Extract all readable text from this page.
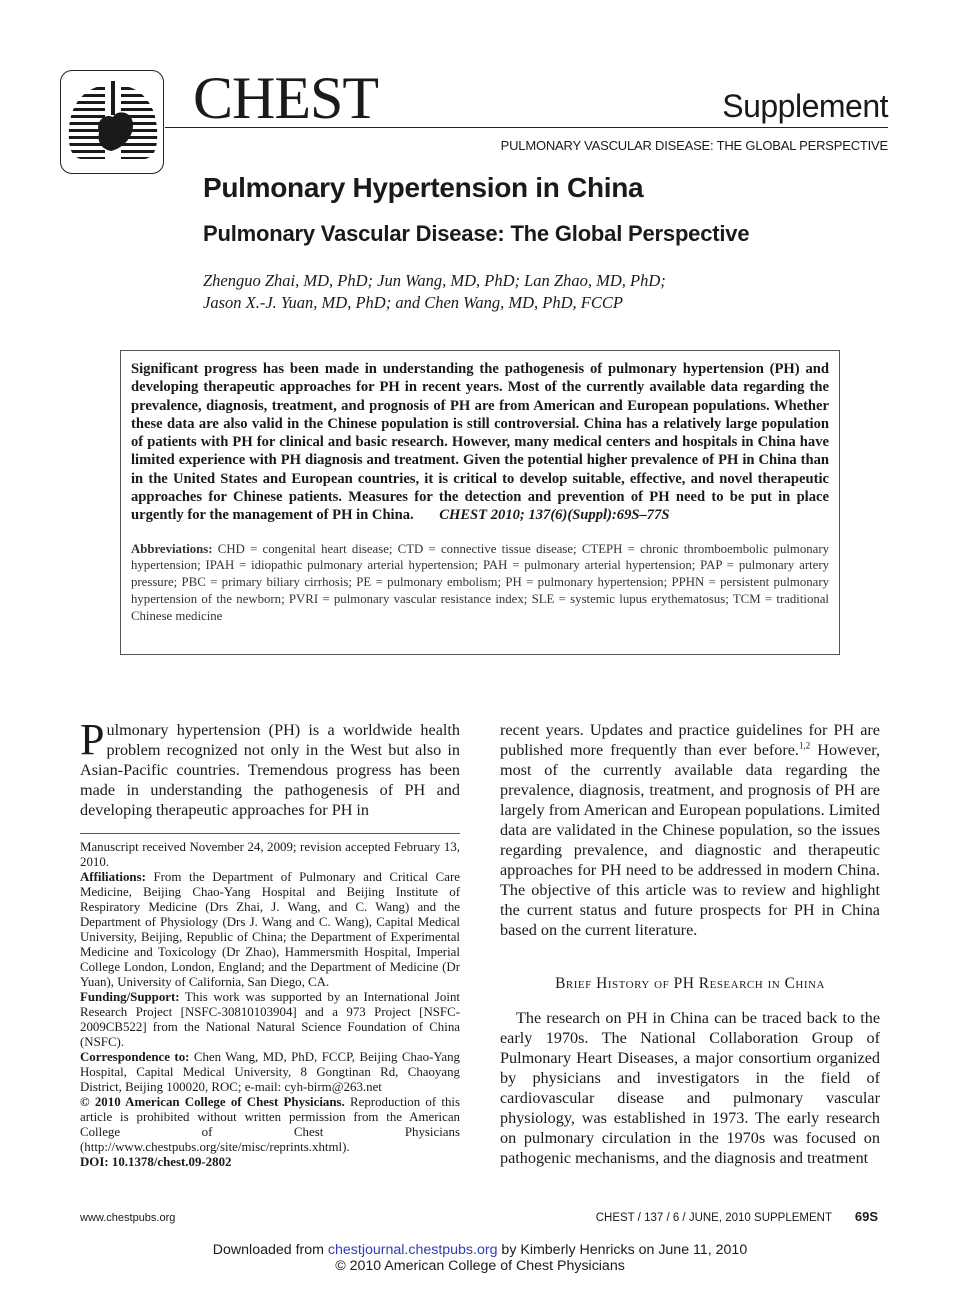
CHEST	Supplement
PULMONARY VASCULAR DISEASE: THE GLOBAL PERSPECTIVE
Pulmonary Hypertension in China
Pulmonary Vascular Disease: The Global Perspective
Zhenguo Zhai, MD, PhD; Jun Wang, MD, PhD; Lan Zhao, MD, PhD;
Jason X.-J. Yuan, MD, PhD; and Chen Wang, MD, PhD, FCCP

Significant progress has been made in understanding the pathogenesis of pulmonary hypertension (PH) and developing therapeutic approaches for PH in recent years. Most of the currently available data regarding the prevalence, diagnosis, treatment, and prognosis of PH are from American and European populations. Whether these data are also valid in the Chinese population is still controversial. China has a relatively large population of patients with PH for clinical and basic research. However, many medical centers and hospitals in China have limited experience with PH diagnosis and treatment. Given the potential higher prevalence of PH in China than in the United States and European countries, it is critical to develop suitable, effective, and novel therapeutic approaches for Chinese patients. Measures for the detection and prevention of PH need to be put in place urgently for the management of PH in China. CHEST 2010; 137(6)(Suppl):69S–77S

Abbreviations: CHD = congenital heart disease; CTD = connective tissue disease; CTEPH = chronic thromboembolic pulmonary hypertension; IPAH = idiopathic pulmonary arterial hypertension; PAH = pulmonary arterial hypertension; PAP = pulmonary artery pressure; PBC = primary biliary cirrhosis; PE = pulmonary embolism; PH = pulmonary hypertension; PPHN = persistent pulmonary hypertension of the newborn; PVRI = pulmonary vascular resistance index; SLE = systemic lupus erythematosus; TCM = traditional Chinese medicine

Pulmonary hypertension (PH) is a worldwide health problem recognized not only in the West but also in Asian-Pacific countries. Tremendous progress has been made in understanding the pathogenesis of PH and developing therapeutic approaches for PH in

Manuscript received November 24, 2009; revision accepted February 13, 2010.

Affiliations: From the Department of Pulmonary and Critical Care Medicine, Beijing Chao-Yang Hospital and Beijing Institute of Respiratory Medicine (Drs Zhai, J. Wang, and C. Wang) and the Department of Physiology (Drs J. Wang and C. Wang), Capital Medical University, Beijing, Republic of China; the Department of Experimental Medicine and Toxicology (Dr Zhao), Hammersmith Hospital, Imperial College London, London, England; and the Department of Medicine (Dr Yuan), University of California, San Diego, CA.

Funding/Support: This work was supported by an International Joint Research Project [NSFC-30810103904] and a 973 Project [NSFC-2009CB522] from the National Natural Science Foundation of China (NSFC).

Correspondence to: Chen Wang, MD, PhD, FCCP, Beijing Chao-Yang Hospital, Capital Medical University, 8 Gongtinan Rd, Chaoyang District, Beijing 100020, ROC; e-mail: cyh-birm@263.net

© 2010 American College of Chest Physicians. Reproduction of this article is prohibited without written permission from the American College of Chest Physicians (http://www.chestpubs.org/site/misc/reprints.xhtml).

DOI: 10.1378/chest.09-2802

recent years. Updates and practice guidelines for PH are published more frequently than ever before.$^{1,2}$ However, most of the currently available data regarding the prevalence, diagnosis, treatment, and prognosis of PH are largely from American and European populations. Limited data are validated in the Chinese population, so the issues regarding prevalence, and diagnostic and therapeutic approaches for PH need to be addressed in modern China. The objective of this article was to review and highlight the current status and future prospects for PH in China based on the current literature.

Brief History of PH Research in China

The research on PH in China can be traced back to the early 1970s. The National Collaboration Group of Pulmonary Heart Diseases, a major consortium organized by physicians and investigators in the field of cardiovascular disease and pulmonary vascular physiology, was established in 1973. The early research on pulmonary circulation in the 1970s was focused on pathogenic mechanisms, and the diagnosis and treatment

www.chestpubs.org	CHEST / 137 / 6 / JUNE, 2010 SUPPLEMENT 69S
Downloaded from chestjournal.chestpubs.org by Kimberly Henricks on June 11, 2010
© 2010 American College of Chest Physicians
